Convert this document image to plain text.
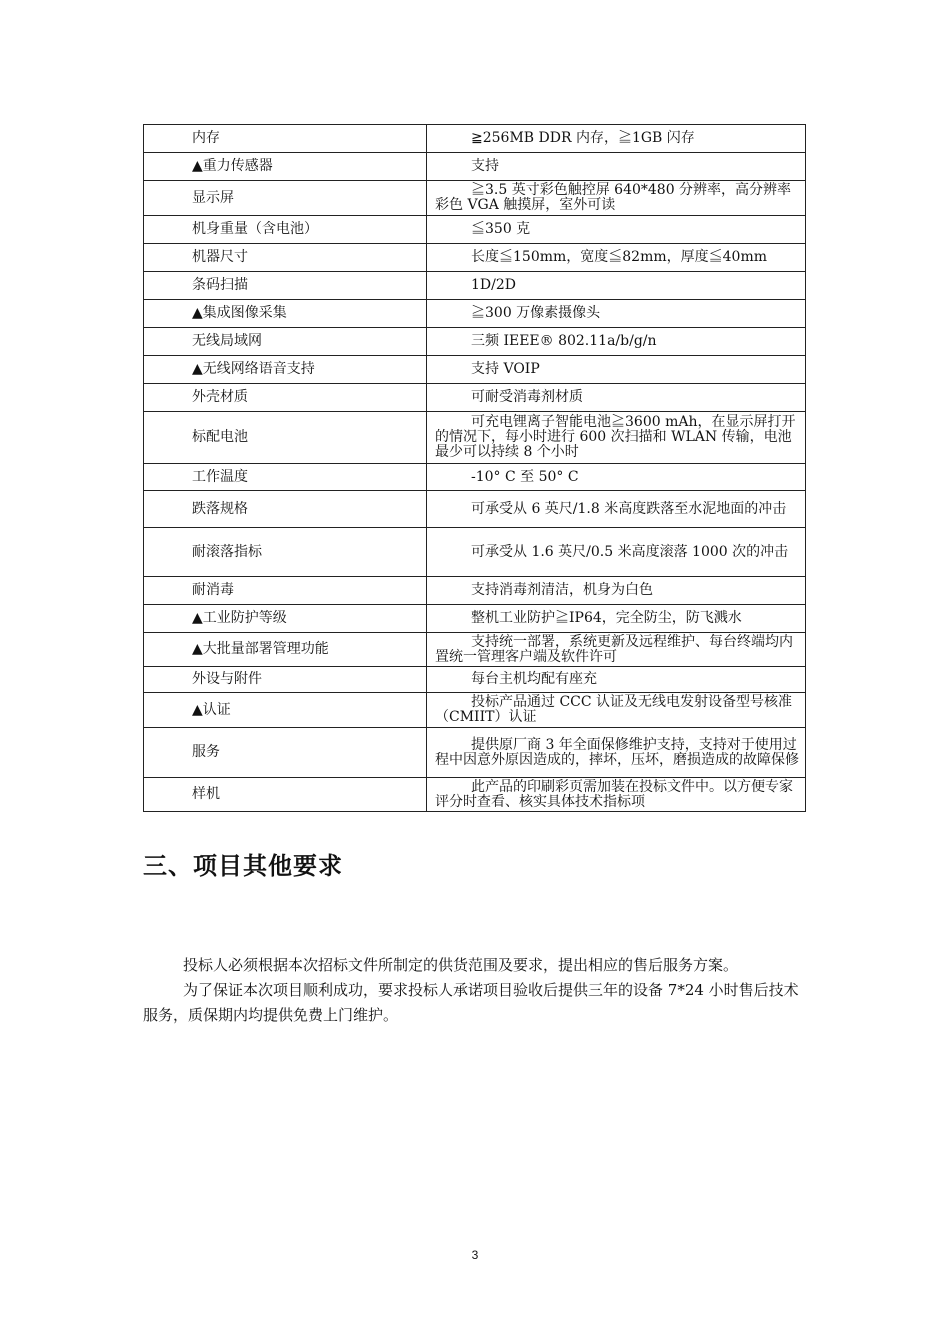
内存	≧256MB DDR 内存，≧1GB 闪存
▲重力传感器	支持
显示屏	≧3.5 英寸彩色触控屏 640*480 分辨率，高分辨率彩色 VGA 触摸屏，室外可读
机身重量（含电池）	≦350 克
机器尺寸	长度≦150mm，宽度≦82mm，厚度≦40mm
条码扫描	1D/2D
▲集成图像采集	≧300 万像素摄像头
无线局域网	三频 IEEE® 802.11a/b/g/n
▲无线网络语音支持	支持 VOIP
外壳材质	可耐受消毒剂材质
标配电池	可充电锂离子智能电池≧3600 mAh，在显示屏打开的情况下，每小时进行 600 次扫描和 WLAN 传输，电池最少可以持续 8 个小时
工作温度	-10° C 至 50° C
跌落规格	可承受从 6 英尺/1.8 米高度跌落至水泥地面的冲击
耐滚落指标	可承受从 1.6 英尺/0.5 米高度滚落 1000 次的冲击
耐消毒	支持消毒剂清洁，机身为白色
▲工业防护等级	整机工业防护≧IP64，完全防尘，防飞溅水
▲大批量部署管理功能	支持统一部署，系统更新及远程维护、每台终端均内置统一管理客户端及软件许可
外设与附件	每台主机均配有座充
▲认证	投标产品通过 CCC 认证及无线电发射设备型号核准（CMIIT）认证
服务	提供原厂商 3 年全面保修维护支持，支持对于使用过程中因意外原因造成的，摔坏，压坏，磨损造成的故障保修
样机	此产品的印刷彩页需加装在投标文件中。以方便专家评分时查看、核实具体技术指标项
三、项目其他要求

投标人必须根据本次招标文件所制定的供货范围及要求，提出相应的售后服务方案。

为了保证本次项目顺利成功，要求投标人承诺项目验收后提供三年的设备 7*24 小时售后技术服务，质保期内均提供免费上门维护。

3
